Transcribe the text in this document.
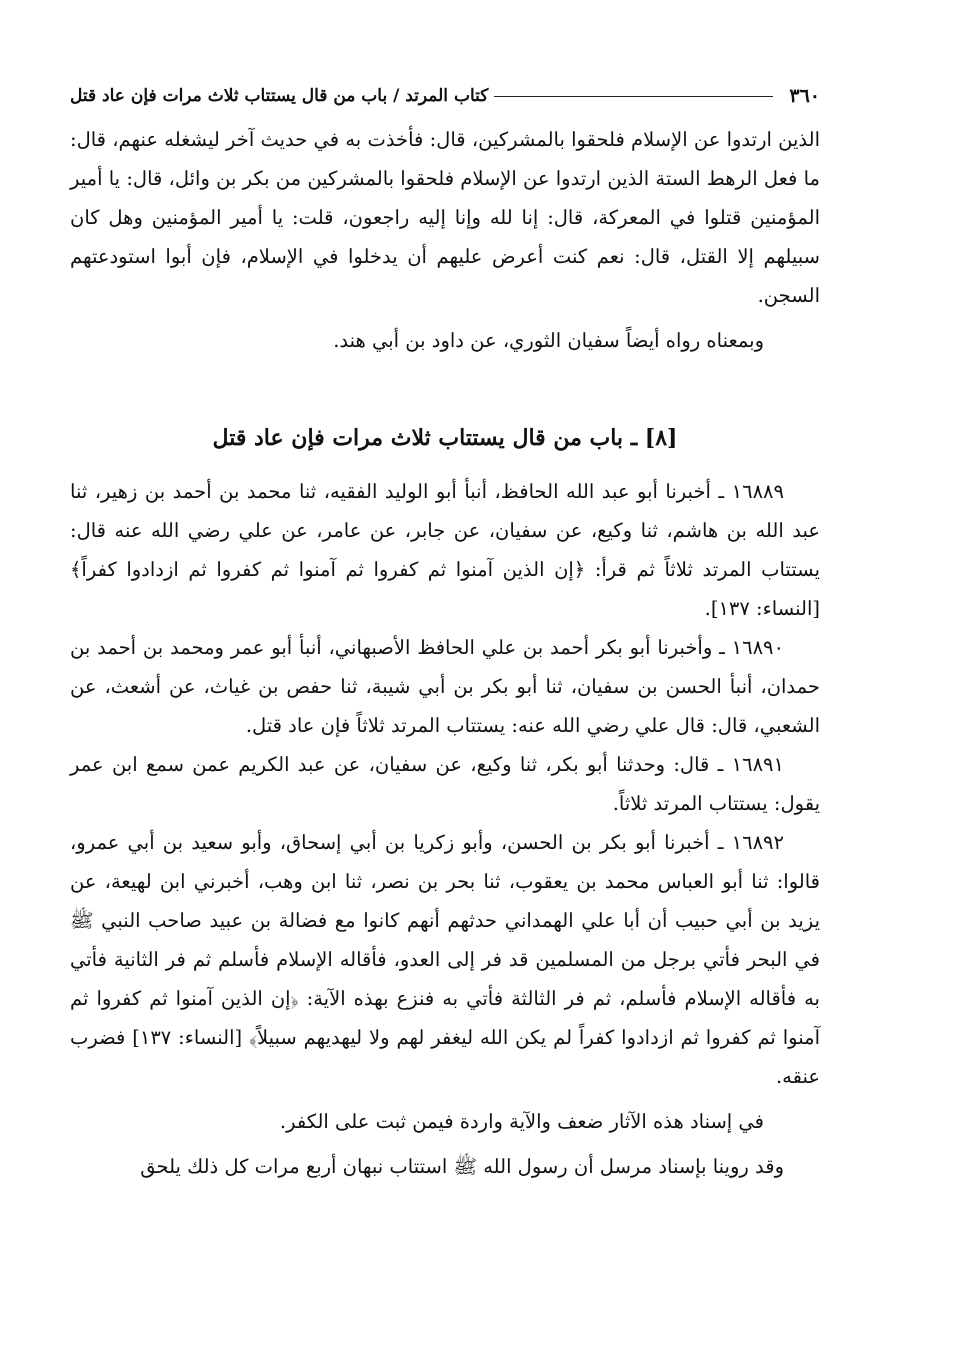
٣٦٠
كتاب المرتد / باب من قال يستتاب ثلاث مرات فإن عاد قتل

الذين ارتدوا عن الإسلام فلحقوا بالمشركين، قال: فأخذت به في حديث آخر ليشغله عنهم، قال: ما فعل الرهط الستة الذين ارتدوا عن الإسلام فلحقوا بالمشركين من بكر بن وائل، قال: يا أمير المؤمنين قتلوا في المعركة، قال: إنا لله وإنا إليه راجعون، قلت: يا أمير المؤمنين وهل كان سبيلهم إلا القتل، قال: نعم كنت أعرض عليهم أن يدخلوا في الإسلام، فإن أبوا استودعتهم السجن.

وبمعناه رواه أيضاً سفيان الثوري، عن داود بن أبي هند.

[٨] ـ باب من قال يستتاب ثلاث مرات فإن عاد قتل

١٦٨٨٩ ـ أخبرنا أبو عبد الله الحافظ، أنبأ أبو الوليد الفقيه، ثنا محمد بن أحمد بن زهير، ثنا عبد الله بن هاشم، ثنا وكيع، عن سفيان، عن جابر، عن عامر، عن علي رضي الله عنه قال: يستتاب المرتد ثلاثاً ثم قرأ: ﴿إن الذين آمنوا ثم كفروا ثم آمنوا ثم كفروا ثم ازدادوا كفراً﴾ [النساء: ١٣٧].

١٦٨٩٠ ـ وأخبرنا أبو بكر أحمد بن علي الحافظ الأصبهاني، أنبأ أبو عمر ومحمد بن أحمد بن حمدان، أنبأ الحسن بن سفيان، ثنا أبو بكر بن أبي شيبة، ثنا حفص بن غياث، عن أشعث، عن الشعبي، قال: قال علي رضي الله عنه: يستتاب المرتد ثلاثاً فإن عاد قتل.

١٦٨٩١ ـ قال: وحدثنا أبو بكر، ثنا وكيع، عن سفيان، عن عبد الكريم عمن سمع ابن عمر يقول: يستتاب المرتد ثلاثاً.

١٦٨٩٢ ـ أخبرنا أبو بكر بن الحسن، وأبو زكريا بن أبي إسحاق، وأبو سعيد بن أبي عمرو، قالوا: ثنا أبو العباس محمد بن يعقوب، ثنا بحر بن نصر، ثنا ابن وهب، أخبرني ابن لهيعة، عن يزيد بن أبي حبيب أن أبا علي الهمداني حدثهم أنهم كانوا مع فضالة بن عبيد صاحب النبي ﷺ في البحر فأتي برجل من المسلمين قد فر إلى العدو، فأقاله الإسلام فأسلم ثم فر الثانية فأتي به فأقاله الإسلام فأسلم، ثم فر الثالثة فأتي به فنزع بهذه الآية: ﴿إن الذين آمنوا ثم كفروا ثم آمنوا ثم كفروا ثم ازدادوا كفراً لم يكن الله ليغفر لهم ولا ليهديهم سبيلاً﴾ [النساء: ١٣٧] فضرب عنقه.

في إسناد هذه الآثار ضعف والآية واردة فيمن ثبت على الكفر.

وقد روينا بإسناد مرسل أن رسول الله ﷺ استتاب نبهان أربع مرات كل ذلك يلحق
